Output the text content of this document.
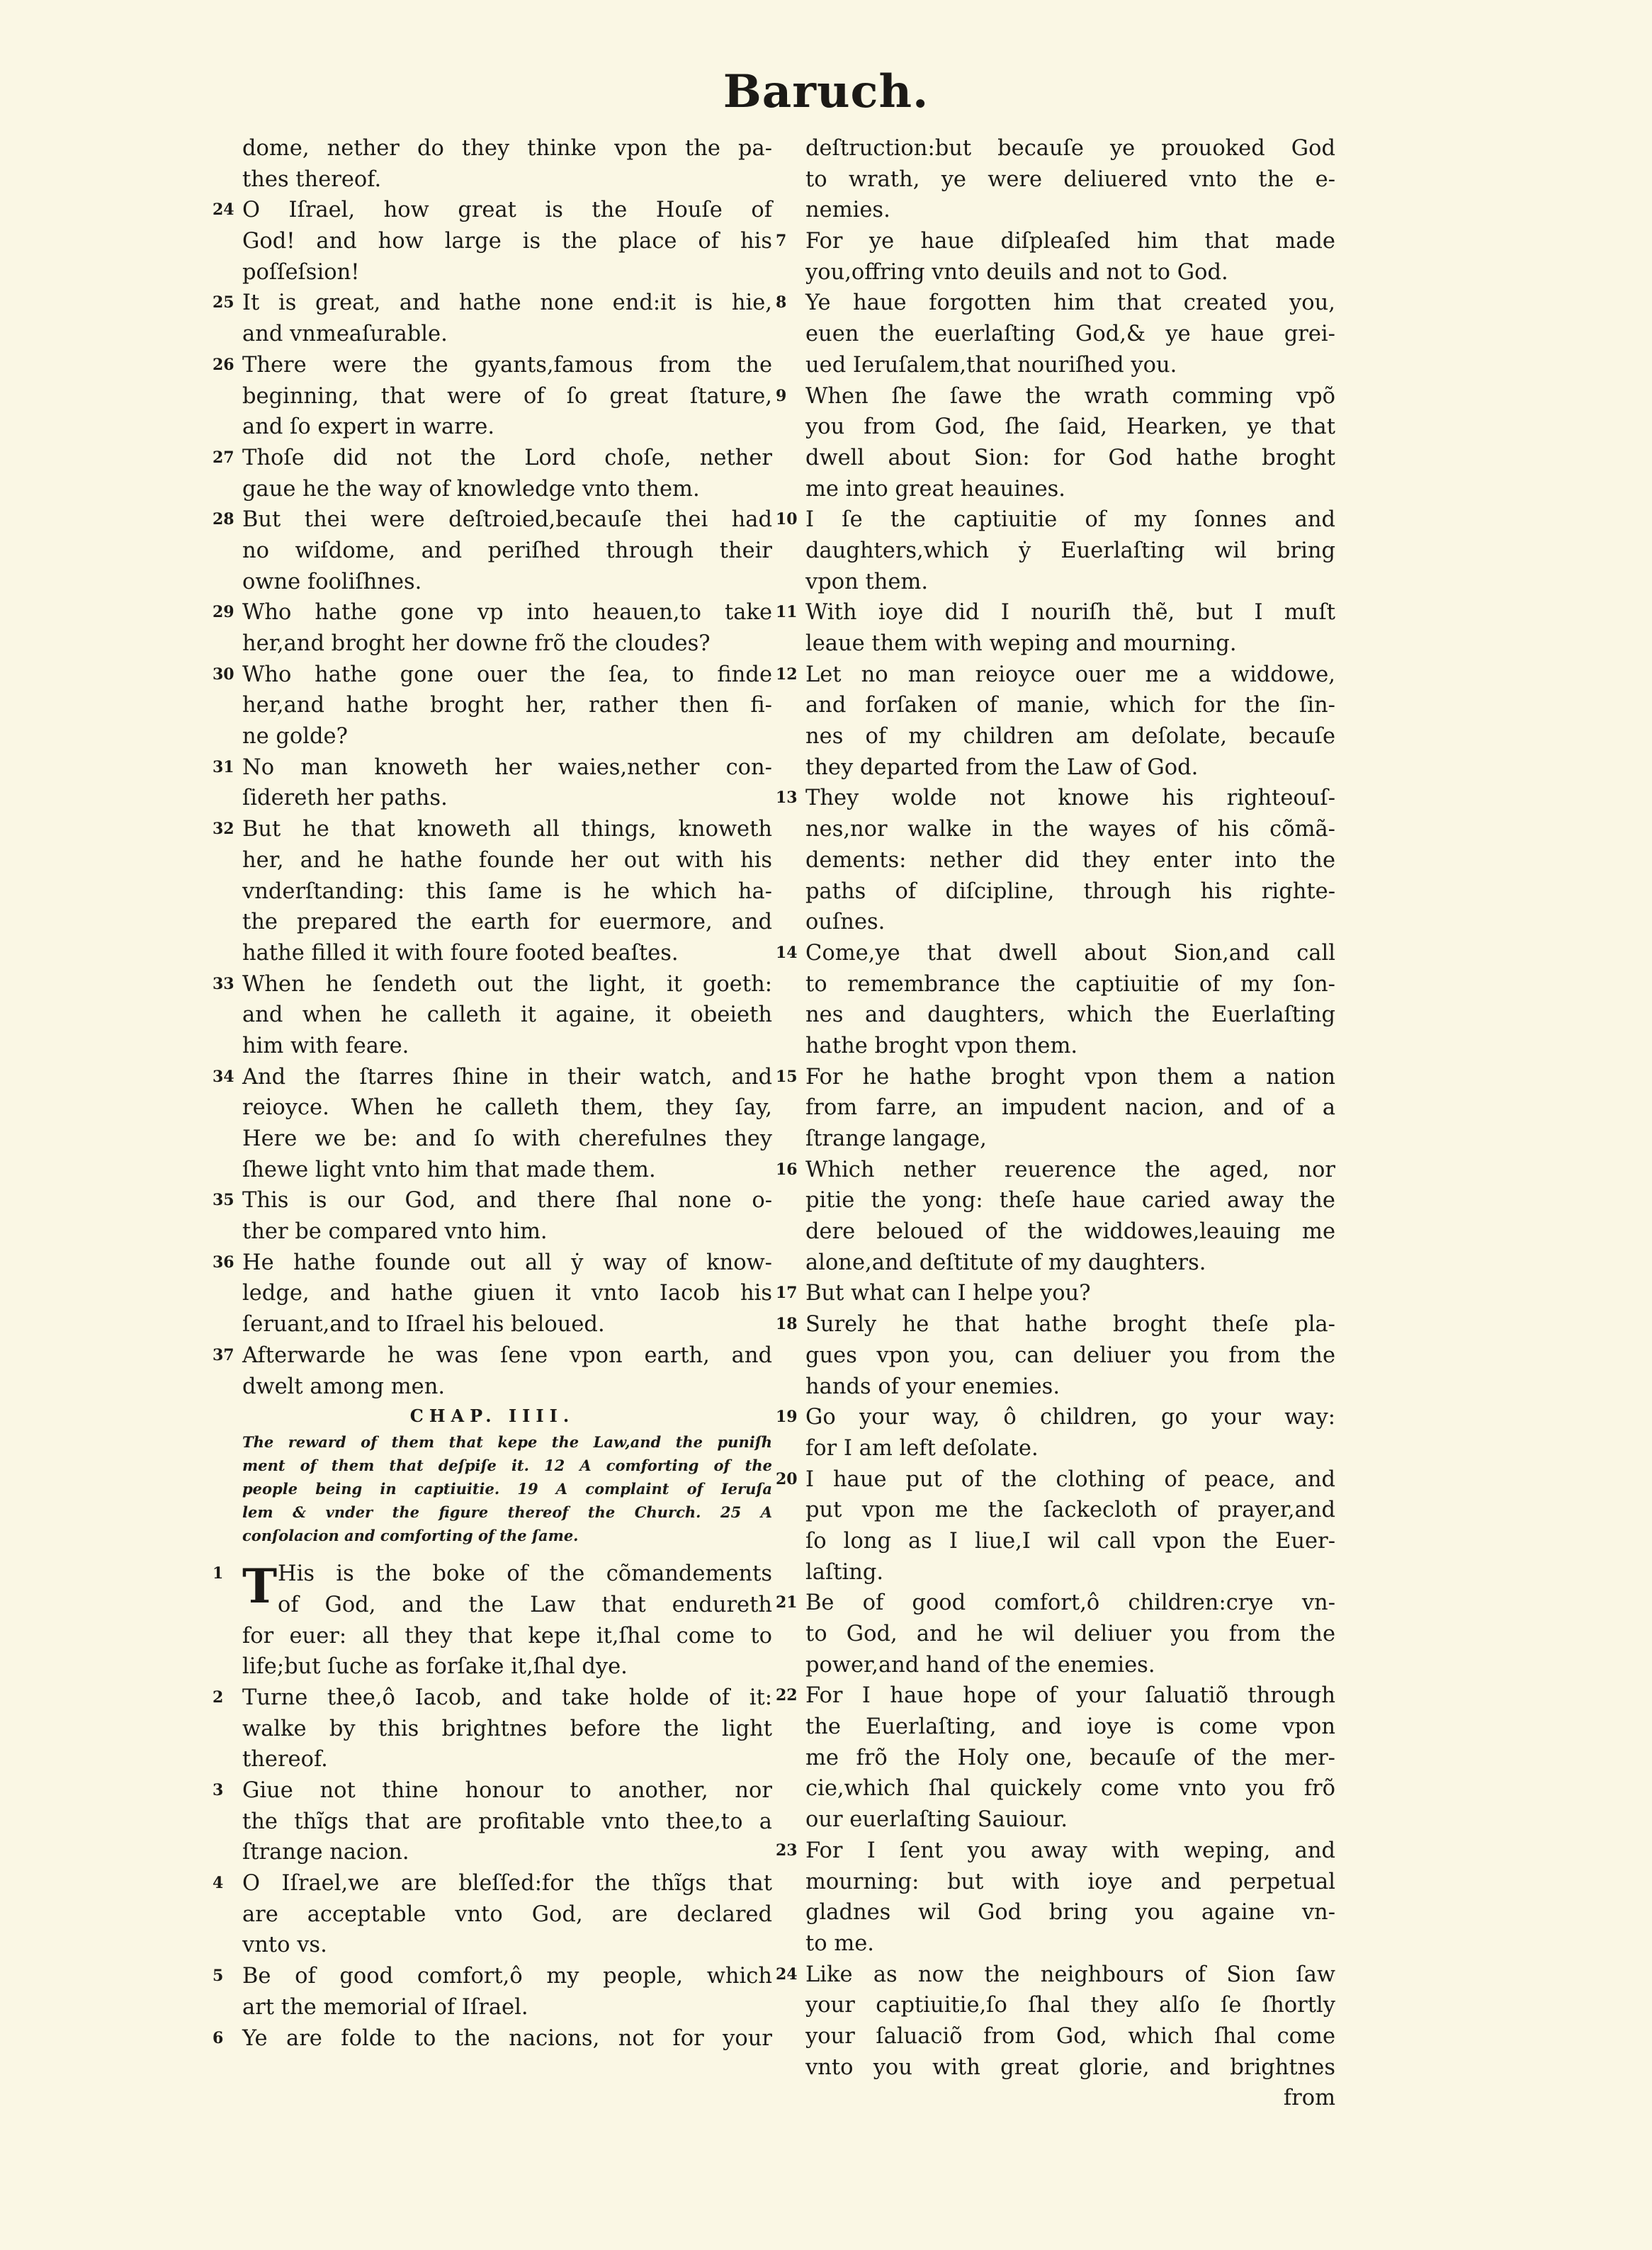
Baruch.
dome, nether do they thinke vpon the pa-
thes thereof.
24 O Iſrael, how great is the Houſe of
God! and how large is the place of his
poſſeſsion!
25 It is great, and hathe none end:it is hie,
and vnmeaſurable.
26 There were the gyants,famous from the
beginning, that were of ſo great ſtature,
and ſo expert in warre.
27 Thoſe did not the Lord choſe, nether
gaue he the way of knowledge vnto them.
28 But thei were deſtroied,becauſe thei had
no wiſdome, and periſhed through their
owne fooliſhnes.
29 Who hathe gone vp into heauen,to take
her,and broght her downe frõ the cloudes?
30 Who hathe gone ouer the ſea, to finde
her,and hathe broght her, rather then fi-
ne golde?
31 No man knoweth her waies,nether con-
ſidereth her paths.
32 But he that knoweth all things, knoweth
her, and he hathe founde her out with his
vnderſtanding: this ſame is he which ha-
the prepared the earth for euermore, and
hathe filled it with foure footed beaſtes.
33 When he ſendeth out the light, it goeth:
and when he calleth it againe, it obeieth
him with feare.
34 And the ſtarres ſhine in their watch, and
reioyce. When he calleth them, they ſay,
Here we be: and ſo with cherefulnes they
ſhewe light vnto him that made them.
35 This is our God, and there ſhal none o-
ther be compared vnto him.
36 He hathe founde out all ẏ way of know-
ledge, and hathe giuen it vnto Iacob his
ſeruant,and to Iſrael his beloued.
37 Afterwarde he was ſene vpon earth, and
dwelt among men.
CHAP. IIII.
The reward of them that kepe the Law,and the puniſh
ment of them that deſpiſe it. 12 A comforting of the
people being in captiuitie. 19 A complaint of Ieruſa
lem & vnder the figure thereof the Church. 25 A
conſolacion and comforting of the ſame.
1 T His is the boke of the cõmandements
of God, and the Law that endureth
for euer: all they that kepe it,ſhal come to
life;but ſuche as forſake it,ſhal dye.
2 Turne thee,ô Iacob, and take holde of it:
walke by this brightnes before the light
thereof.
3 Giue not thine honour to another, nor
the thĩgs that are profitable vnto thee,to a
ſtrange nacion.
4 O Iſrael,we are bleſſed:for the thĩgs that
are acceptable vnto God, are declared
vnto vs.
5 Be of good comfort,ô my people, which
art the memorial of Iſrael.
6 Ye are folde to the nacions, not for your
deſtruction:but becauſe ye prouoked God
to wrath, ye were deliuered vnto the e-
nemies.
7 For ye haue diſpleaſed him that made
you,offring vnto deuils and not to God.
8 Ye haue forgotten him that created you,
euen the euerlaſting God,& ye haue grei-
ued Ieruſalem,that nouriſhed you.
9 When ſhe ſawe the wrath comming vpõ
you from God, ſhe ſaid, Hearken, ye that
dwell about Sion: for God hathe broght
me into great heauines.
10 I ſe the captiuitie of my ſonnes and
daughters,which ẏ Euerlaſting wil bring
vpon them.
11 With ioye did I nouriſh thẽ, but I muſt
leaue them with weping and mourning.
12 Let no man reioyce ouer me a widdowe,
and forſaken of manie, which for the ſin-
nes of my children am deſolate, becauſe
they departed from the Law of God.
13 They wolde not knowe his righteouſ-
nes,nor walke in the wayes of his cõmã-
dements: nether did they enter into the
paths of diſcipline, through his righte-
ouſnes.
14 Come,ye that dwell about Sion,and call
to remembrance the captiuitie of my ſon-
nes and daughters, which the Euerlaſting
hathe broght vpon them.
15 For he hathe broght vpon them a nation
from farre, an impudent nacion, and of a
ſtrange langage,
16 Which nether reuerence the aged, nor
pitie the yong: theſe haue caried away the
dere beloued of the widdowes,leauing me
alone,and deſtitute of my daughters.
17 But what can I helpe you?
18 Surely he that hathe broght theſe pla-
gues vpon you, can deliuer you from the
hands of your enemies.
19 Go your way, ô children, go your way:
for I am left deſolate.
20 I haue put of the clothing of peace, and
put vpon me the ſackecloth of prayer,and
ſo long as I liue,I wil call vpon the Euer-
laſting.
21 Be of good comfort,ô children:crye vn-
to God, and he wil deliuer you from the
power,and hand of the enemies.
22 For I haue hope of your ſaluatiõ through
the Euerlaſting, and ioye is come vpon
me frõ the Holy one, becauſe of the mer-
cie,which ſhal quickely come vnto you frõ
our euerlaſting Sauiour.
23 For I ſent you away with weping, and
mourning: but with ioye and perpetual
gladnes wil God bring you againe vn-
to me.
24 Like as now the neighbours of Sion ſaw
your captiuitie,ſo ſhal they alſo ſe ſhortly
your ſaluaciõ from God, which ſhal come
vnto you with great glorie, and brightnes
from
